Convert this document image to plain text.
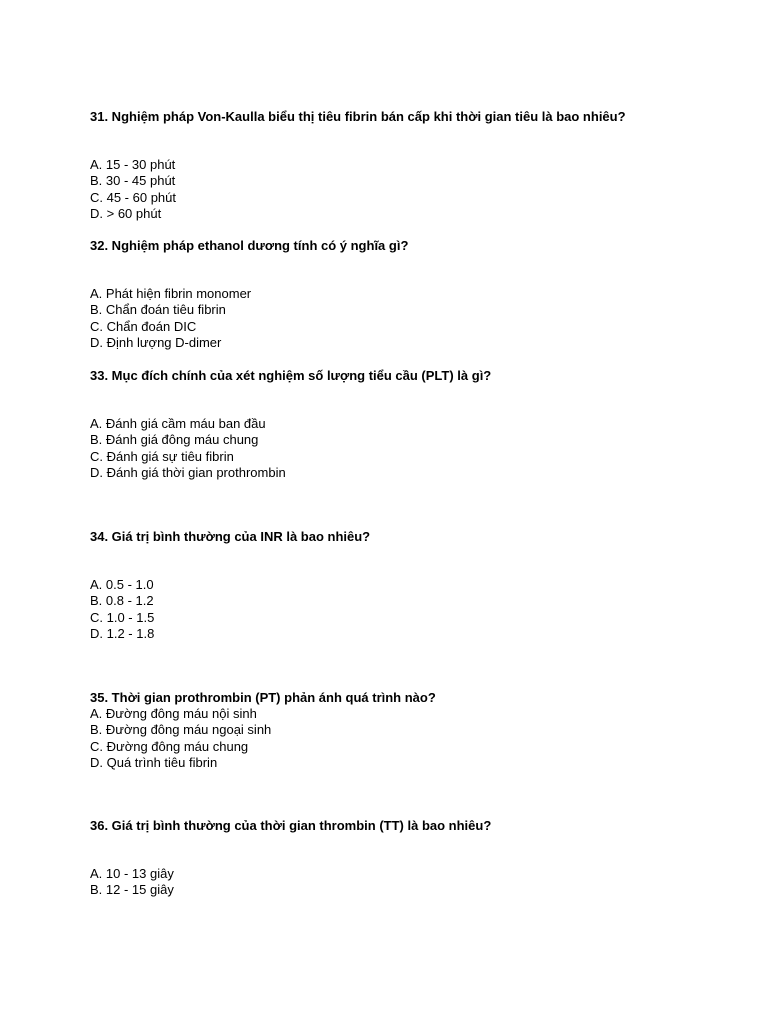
31. Nghiệm pháp Von-Kaulla biểu thị tiêu fibrin bán cấp khi thời gian tiêu là bao nhiêu?

A. 15 - 30 phút
B. 30 - 45 phút
C. 45 - 60 phút
D. > 60 phút

32. Nghiệm pháp ethanol dương tính có ý nghĩa gì?

A. Phát hiện fibrin monomer
B. Chẩn đoán tiêu fibrin
C. Chẩn đoán DIC
D. Định lượng D-dimer

33. Mục đích chính của xét nghiệm số lượng tiểu cầu (PLT) là gì?

A. Đánh giá cầm máu ban đầu
B. Đánh giá đông máu chung
C. Đánh giá sự tiêu fibrin
D. Đánh giá thời gian prothrombin

34. Giá trị bình thường của INR là bao nhiêu?

A. 0.5 - 1.0
B. 0.8 - 1.2
C. 1.0 - 1.5
D. 1.2 - 1.8

35. Thời gian prothrombin (PT) phản ánh quá trình nào?

A. Đường đông máu nội sinh
B. Đường đông máu ngoại sinh
C. Đường đông máu chung
D. Quá trình tiêu fibrin

36. Giá trị bình thường của thời gian thrombin (TT) là bao nhiêu?

A. 10 - 13 giây
B. 12 - 15 giây
